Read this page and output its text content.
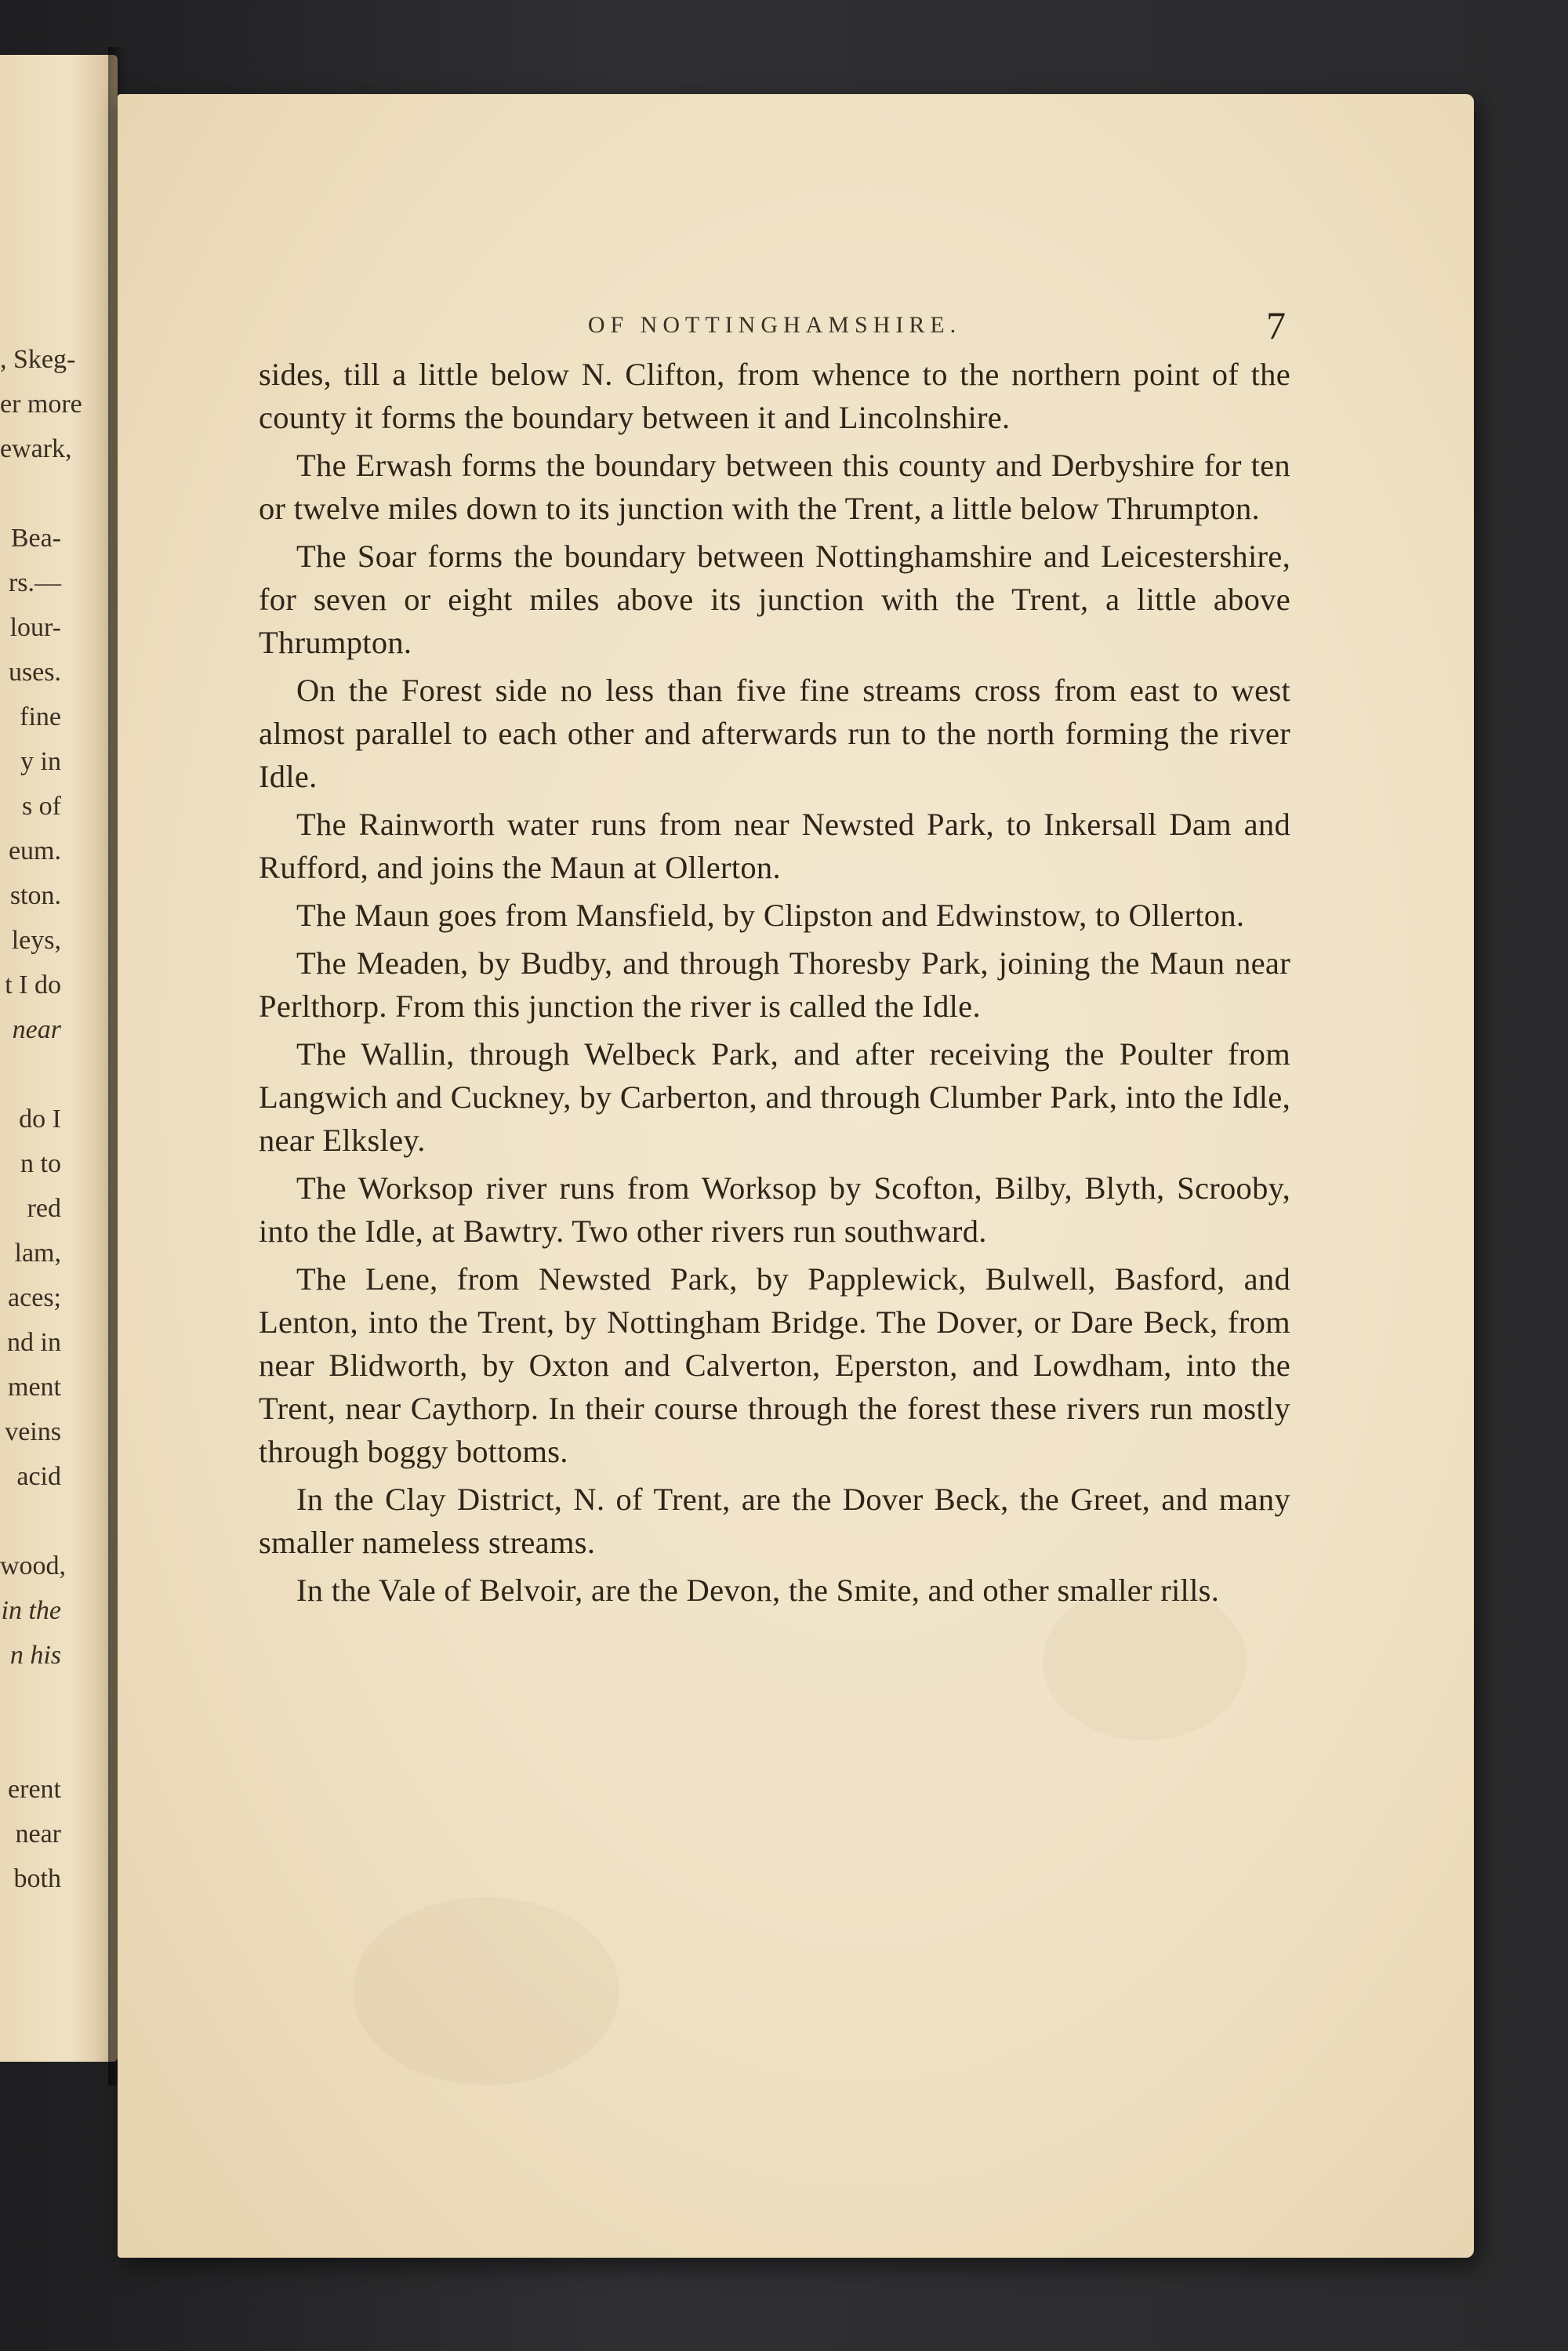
, Skeg-
er more
ewark,
Bea-
rs.—
lour-
uses.
fine
y in
s of
eum.
ston.
leys,
t I do
near
do I
n to
red
lam,
aces;
nd in
ment
veins
acid
wood,
in the
n his
erent
near
both
OF NOTTINGHAMSHIRE.	7

sides, till a little below N. Clifton, from whence to the northern point of the county it forms the boundary between it and Lincolnshire.

The Erwash forms the boundary between this county and Derbyshire for ten or twelve miles down to its junction with the Trent, a little below Thrumpton.

The Soar forms the boundary between Nottinghamshire and Leicestershire, for seven or eight miles above its junction with the Trent, a little above Thrumpton.

On the Forest side no less than five fine streams cross from east to west almost parallel to each other and afterwards run to the north forming the river Idle.

The Rainworth water runs from near Newsted Park, to Inkersall Dam and Rufford, and joins the Maun at Ollerton.

The Maun goes from Mansfield, by Clipston and Edwinstow, to Ollerton.

The Meaden, by Budby, and through Thoresby Park, joining the Maun near Perlthorp. From this junction the river is called the Idle.

The Wallin, through Welbeck Park, and after receiving the Poulter from Langwich and Cuckney, by Carberton, and through Clumber Park, into the Idle, near Elksley.

The Worksop river runs from Worksop by Scofton, Bilby, Blyth, Scrooby, into the Idle, at Bawtry. Two other rivers run southward.

The Lene, from Newsted Park, by Papplewick, Bulwell, Basford, and Lenton, into the Trent, by Nottingham Bridge. The Dover, or Dare Beck, from near Blidworth, by Oxton and Calverton, Eperston, and Lowdham, into the Trent, near Caythorp. In their course through the forest these rivers run mostly through boggy bottoms.

In the Clay District, N. of Trent, are the Dover Beck, the Greet, and many smaller nameless streams.

In the Vale of Belvoir, are the Devon, the Smite, and other smaller rills.
